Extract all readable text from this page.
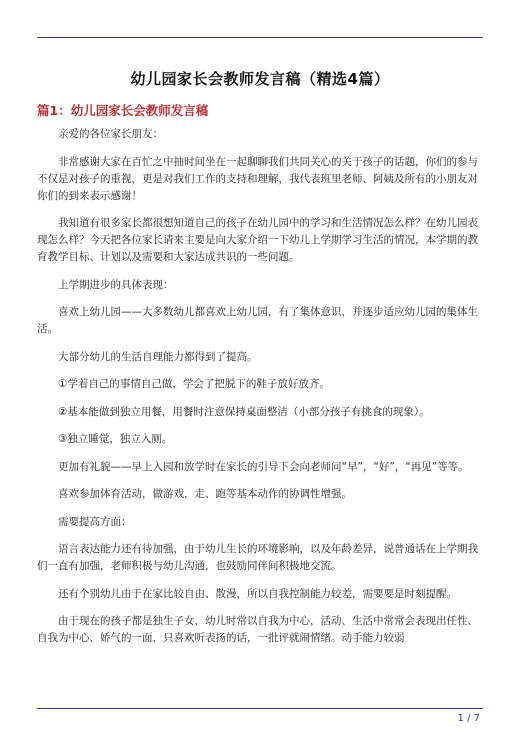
幼儿园家长会教师发言稿（精选4篇）
篇1：幼儿园家长会教师发言稿

亲爱的各位家长朋友：

非常感谢大家在百忙之中抽时间坐在一起聊聊我们共同关心的关于孩子的话题，你们的参与不仅是对孩子的重视，更是对我们工作的支持和理解，我代表班里老师、阿姨及所有的小朋友对你们的到来表示感谢！

我知道有很多家长都很想知道自己的孩子在幼儿园中的学习和生活情况怎么样？在幼儿园表现怎么样？今天把各位家长请来主要是向大家介绍一下幼儿上学期学习生活的情况，本学期的教育教学目标、计划以及需要和大家达成共识的一些问题。

上学期进步的具体表现：

喜欢上幼儿园——大多数幼儿都喜欢上幼儿园，有了集体意识，并逐步适应幼儿园的集体生活。

大部分幼儿的生活自理能力都得到了提高。

①学着自己的事情自己做，学会了把脱下的鞋子放好放齐。

②基本能做到独立用餐，用餐时注意保持桌面整洁（小部分孩子有挑食的现象）。

③独立睡觉，独立入厕。

更加有礼貌——早上入园和放学时在家长的引导下会向老师问“早”，“好”，“再见”等等。

喜欢参加体育活动，做游戏，走、跑等基本动作的协调性增强。

需要提高方面：

语言表达能力还有待加强，由于幼儿生长的环境影响，以及年龄差异，说普通话在上学期我们一直有加强，老师积极与幼儿沟通，也鼓励同伴间积极地交流。

还有个别幼儿由于在家比较自由、散漫，所以自我控制能力较差，需要要是时刻提醒。

由于现在的孩子都是独生子女，幼儿时常以自我为中心，活动、生活中常常会表现出任性、自我为中心、娇气的一面，只喜欢听表扬的话，一批评就闹情绪。动手能力较弱

1 / 7
